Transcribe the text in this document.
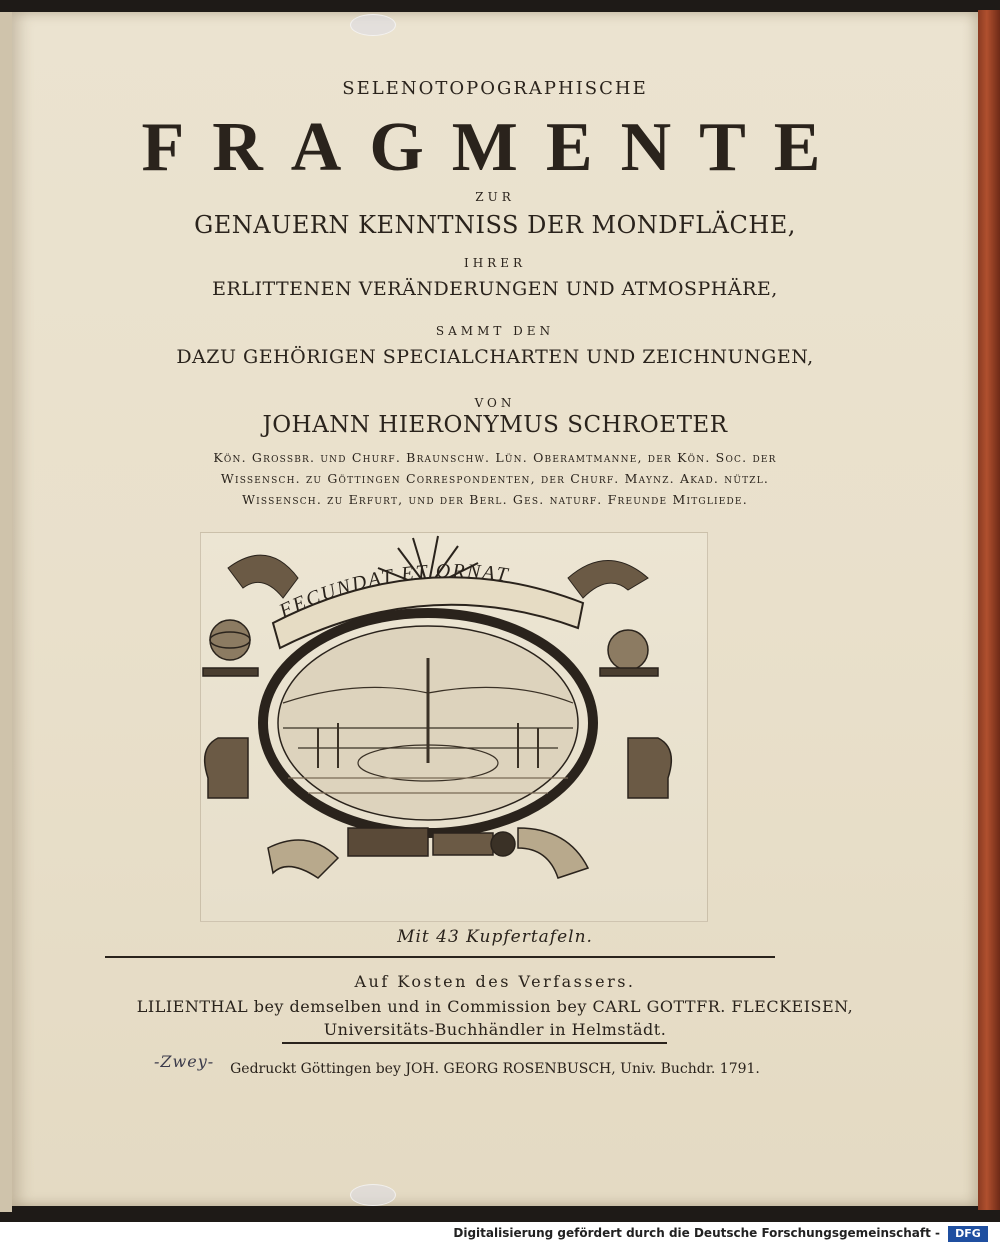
SELENOTOPOGRAPHISCHE
FRAGMENTE
ZUR
GENAUERN KENNTNISS DER MONDFLÄCHE,
IHRER
ERLITTENEN VERÄNDERUNGEN UND ATMOSPHÄRE,
SAMMT DEN
DAZU GEHÖRIGEN SPECIALCHARTEN UND ZEICHNUNGEN,
VON
JOHANN HIERONYMUS SCHROETER
Kön. Grossbr. und Churf. Braunschw. Lün. Oberamtmanne, der Kön. Soc. der
Wissensch. zu Göttingen Correspondenten, der Churf. Maynz. Akad. nützl.
Wissensch. zu Erfurt, und der Berl. Ges. naturf. Freunde Mitgliede.
FECUNDAT ET ORNAT
Mit 43 Kupfertafeln.
Auf Kosten des Verfassers.
LILIENTHAL bey demselben und in Commission bey CARL GOTTFR. FLECKEISEN,
Universitäts-Buchhändler in Helmstädt.
-Zwey-	Gedruckt Göttingen bey JOH. GEORG ROSENBUSCH, Univ. Buchdr. 1791.
Digitalisierung gefördert durch die Deutsche Forschungsgemeinschaft -	DFG
